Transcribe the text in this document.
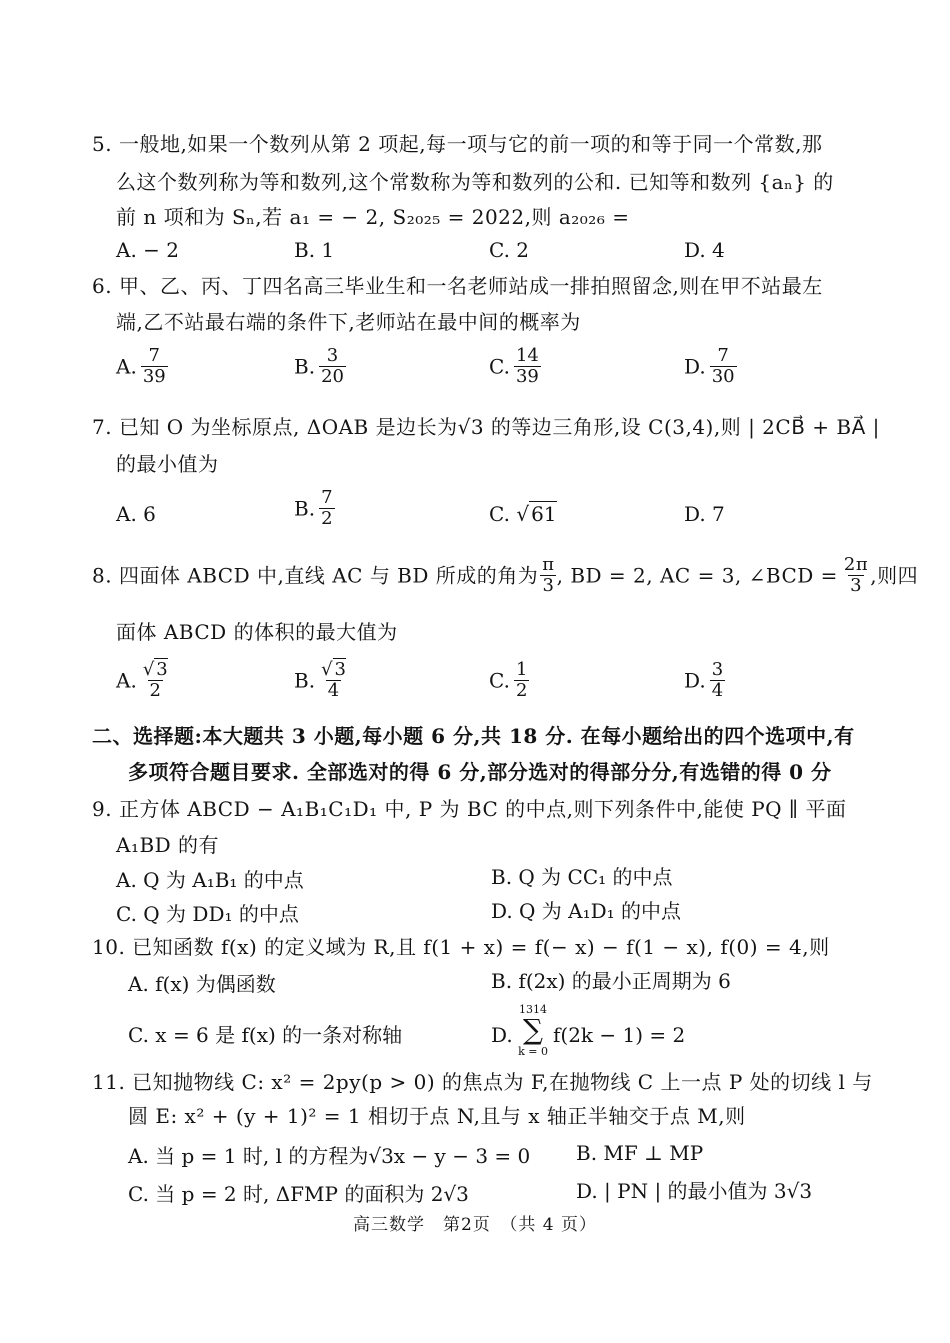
5. 一般地,如果一个数列从第 2 项起,每一项与它的前一项的和等于同一个常数,那
么这个数列称为等和数列,这个常数称为等和数列的公和. 已知等和数列 {aₙ} 的
前 n 项和为 Sₙ,若 a₁ = − 2, S₂₀₂₅ = 2022,则 a₂₀₂₆ =
A. − 2	B. 1	C. 2	D. 4
6. 甲、乙、丙、丁四名高三毕业生和一名老师站成一排拍照留念,则在甲不站最左
端,乙不站最右端的条件下,老师站在最中间的概率为
A. $\frac{7}{39}$	B. $\frac{3}{20}$	C. $\frac{14}{39}$	D. $\frac{7}{30}$
7. 已知 O 为坐标原点, ΔOAB 是边长为√3 的等边三角形,设 C(3,4),则 | 2CB⃗ + BA⃗ |
的最小值为
A. 6	B. $\frac{7}{2}$	C. √ 61	D. 7
8. 四面体 ABCD 中,直线 AC 与 BD 所成的角为 $\frac{\pi}{3}$ , BD = 2, AC = 3, ∠BCD = $\frac{2\pi}{3}$ ,则四
面体 ABCD 的体积的最大值为
A. $\frac{√ 3}{2}$	B. $\frac{√ 3}{4}$	C. $\frac{1}{2}$	D. $\frac{3}{4}$
二、选择题:本大题共 3 小题,每小题 6 分,共 18 分. 在每小题给出的四个选项中,有
多项符合题目要求. 全部选对的得 6 分,部分选对的得部分分,有选错的得 0 分
9. 正方体 ABCD − A₁B₁C₁D₁ 中, P 为 BC 的中点,则下列条件中,能使 PQ ∥ 平面
A₁BD 的有
A. Q 为 A₁B₁ 的中点	B. Q 为 CC₁ 的中点
C. Q 为 DD₁ 的中点	D. Q 为 A₁D₁ 的中点
10. 已知函数 f(x) 的定义域为 R,且 f(1 + x) = f(− x) − f(1 − x), f(0) = 4,则
A. f(x) 为偶函数	B. f(2x) 的最小正周期为 6
C. x = 6 是 f(x) 的一条对称轴	D.
1314
∑
k = 0
f(2k − 1) = 2
11. 已知抛物线 C: x² = 2py(p > 0) 的焦点为 F,在抛物线 C 上一点 P 处的切线 l 与
圆 E: x² + (y + 1)² = 1 相切于点 N,且与 x 轴正半轴交于点 M,则
A. 当 p = 1 时, l 的方程为√3x − y − 3 = 0 B. MF ⊥ MP
C. 当 p = 2 时, ΔFMP 的面积为 2√3	D. | PN | 的最小值为 3√3
高三数学　第2页　（共 4 页）
